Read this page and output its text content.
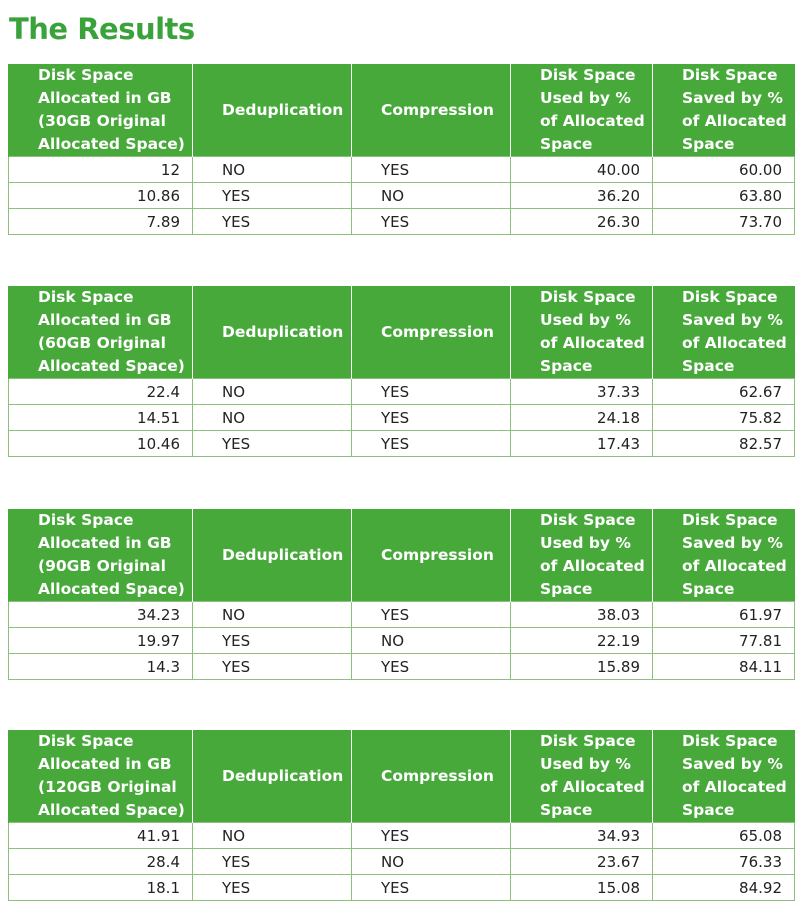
The Results
Disk Space
Allocated in GB
(30GB Original
Allocated Space)	Deduplication	Compression	Disk Space
Used by %
of Allocated
Space	Disk Space
Saved by %
of Allocated
Space

12	NO	YES	40.00	60.00
10.86	YES	NO	36.20	63.80
7.89	YES	YES	26.30	73.70
Disk Space
Allocated in GB
(60GB Original
Allocated Space)	Deduplication	Compression	Disk Space
Used by %
of Allocated
Space	Disk Space
Saved by %
of Allocated
Space

22.4	NO	YES	37.33	62.67
14.51	NO	YES	24.18	75.82
10.46	YES	YES	17.43	82.57
Disk Space
Allocated in GB
(90GB Original
Allocated Space)	Deduplication	Compression	Disk Space
Used by %
of Allocated
Space	Disk Space
Saved by %
of Allocated
Space

34.23	NO	YES	38.03	61.97
19.97	YES	NO	22.19	77.81
14.3	YES	YES	15.89	84.11
Disk Space
Allocated in GB
(120GB Original
Allocated Space)	Deduplication	Compression	Disk Space
Used by %
of Allocated
Space	Disk Space
Saved by %
of Allocated
Space

41.91	NO	YES	34.93	65.08
28.4	YES	NO	23.67	76.33
18.1	YES	YES	15.08	84.92
